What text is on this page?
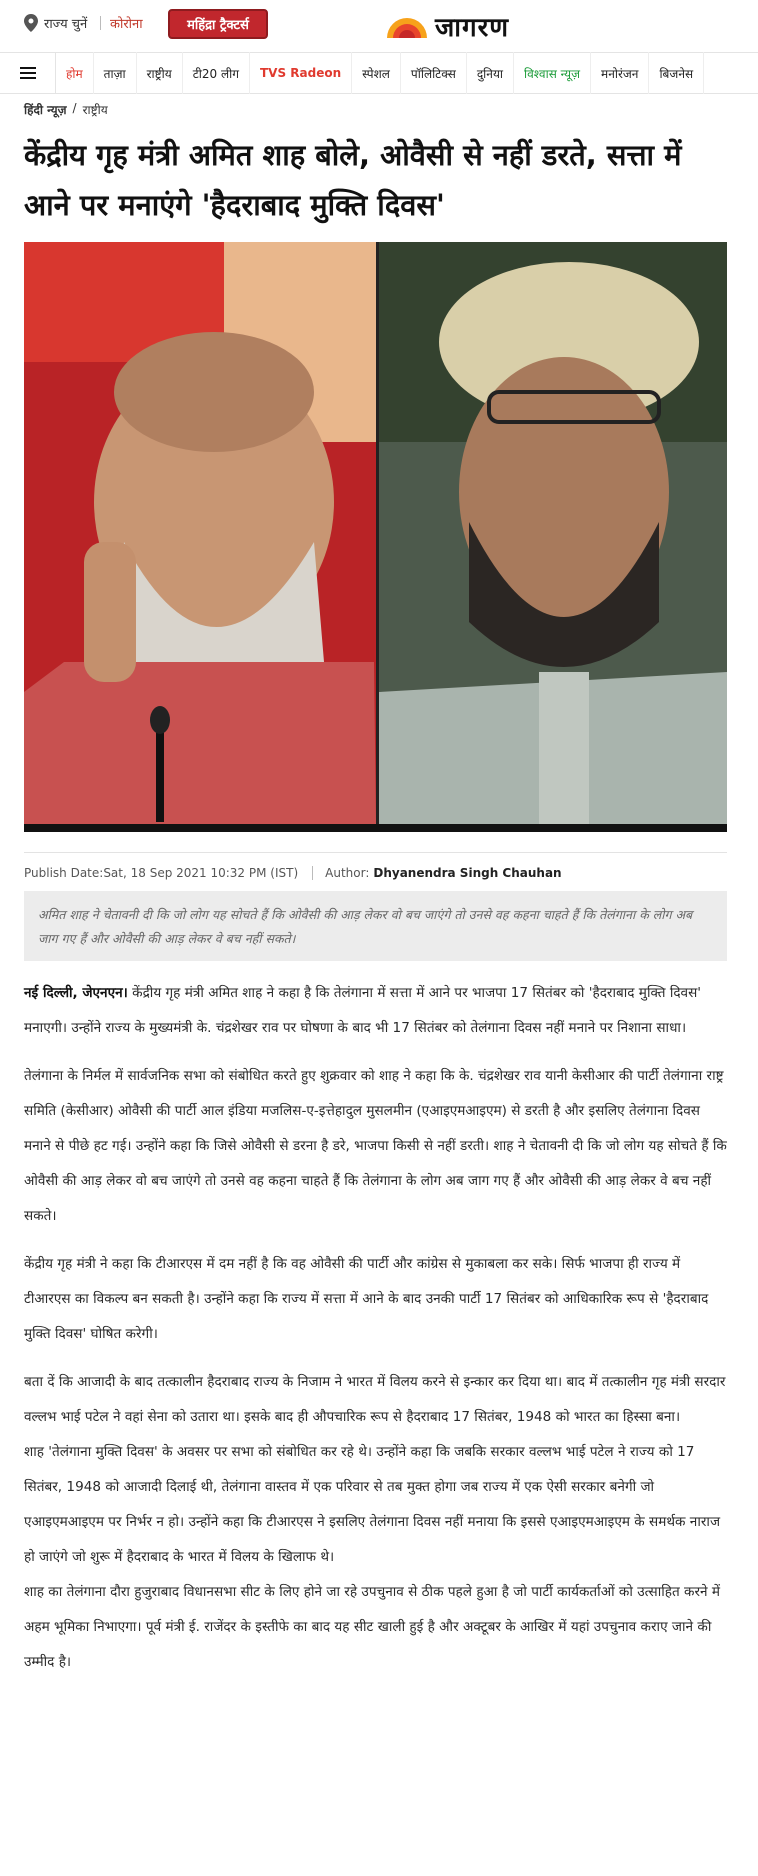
राज्य चुनें कोरोना	महिंद्रा ट्रैक्टर्स	जागरण
होम	ताज़ा	राष्ट्रीय	टी20 लीग	TVS Radeon	स्पेशल	पॉलिटिक्स	दुनिया	विश्वास न्यूज़	मनोरंजन	बिजनेस
हिंदी न्यूज़ / राष्ट्रीय
केंद्रीय गृह मंत्री अमित शाह बोले, ओवैसी से नहीं डरते, सत्ता में आने पर मनाएंगे 'हैदराबाद मुक्ति दिवस'
Publish Date:Sat, 18 Sep 2021 10:32 PM (IST)	Author: Dhyanendra Singh Chauhan
अमित शाह ने चेतावनी दी कि जो लोग यह सोचते हैं कि ओवैसी की आड़ लेकर वो बच जाएंगे तो उनसे वह कहना चाहते हैं कि तेलंगाना के लोग अब जाग गए हैं और ओवैसी की आड़ लेकर वे बच नहीं सकते।

नई दिल्ली, जेएनएन। केंद्रीय गृह मंत्री अमित शाह ने कहा है कि तेलंगाना में सत्ता में आने पर भाजपा 17 सितंबर को 'हैदराबाद मुक्ति दिवस' मनाएगी। उन्होंने राज्य के मुख्यमंत्री के. चंद्रशेखर राव पर घोषणा के बाद भी 17 सितंबर को तेलंगाना दिवस नहीं मनाने पर निशाना साधा।

तेलंगाना के निर्मल में सार्वजनिक सभा को संबोधित करते हुए शुक्रवार को शाह ने कहा कि के. चंद्रशेखर राव यानी केसीआर की पार्टी तेलंगाना राष्ट्र समिति (केसीआर) ओवैसी की पार्टी आल इंडिया मजलिस-ए-इत्तेहादुल मुसलमीन (एआइएमआइएम) से डरती है और इसलिए तेलंगाना दिवस मनाने से पीछे हट गई। उन्होंने कहा कि जिसे ओवैसी से डरना है डरे, भाजपा किसी से नहीं डरती। शाह ने चेतावनी दी कि जो लोग यह सोचते हैं कि ओवैसी की आड़ लेकर वो बच जाएंगे तो उनसे वह कहना चाहते हैं कि तेलंगाना के लोग अब जाग गए हैं और ओवैसी की आड़ लेकर वे बच नहीं सकते।

केंद्रीय गृह मंत्री ने कहा कि टीआरएस में दम नहीं है कि वह ओवैसी की पार्टी और कांग्रेस से मुकाबला कर सके। सिर्फ भाजपा ही राज्य में टीआरएस का विकल्प बन सकती है। उन्होंने कहा कि राज्य में सत्ता में आने के बाद उनकी पार्टी 17 सितंबर को आधिकारिक रूप से 'हैदराबाद मुक्ति दिवस' घोषित करेगी।

बता दें कि आजादी के बाद तत्कालीन हैदराबाद राज्य के निजाम ने भारत में विलय करने से इन्कार कर दिया था। बाद में तत्कालीन गृह मंत्री सरदार वल्लभ भाई पटेल ने वहां सेना को उतारा था। इसके बाद ही औपचारिक रूप से हैदराबाद 17 सितंबर, 1948 को भारत का हिस्सा बना।

शाह 'तेलंगाना मुक्ति दिवस' के अवसर पर सभा को संबोधित कर रहे थे। उन्होंने कहा कि जबकि सरकार वल्लभ भाई पटेल ने राज्य को 17 सितंबर, 1948 को आजादी दिलाई थी, तेलंगाना वास्तव में एक परिवार से तब मुक्त होगा जब राज्य में एक ऐसी सरकार बनेगी जो एआइएमआइएम पर निर्भर न हो। उन्होंने कहा कि टीआरएस ने इसलिए तेलंगाना दिवस नहीं मनाया कि इससे एआइएमआइएम के समर्थक नाराज हो जाएंगे जो शुरू में हैदराबाद के भारत में विलय के खिलाफ थे।

शाह का तेलंगाना दौरा हुजुराबाद विधानसभा सीट के लिए होने जा रहे उपचुनाव से ठीक पहले हुआ है जो पार्टी कार्यकर्ताओं को उत्साहित करने में अहम भूमिका निभाएगा। पूर्व मंत्री ई. राजेंदर के इस्तीफे का बाद यह सीट खाली हुई है और अक्टूबर के आखिर में यहां उपचुनाव कराए जाने की उम्मीद है।
